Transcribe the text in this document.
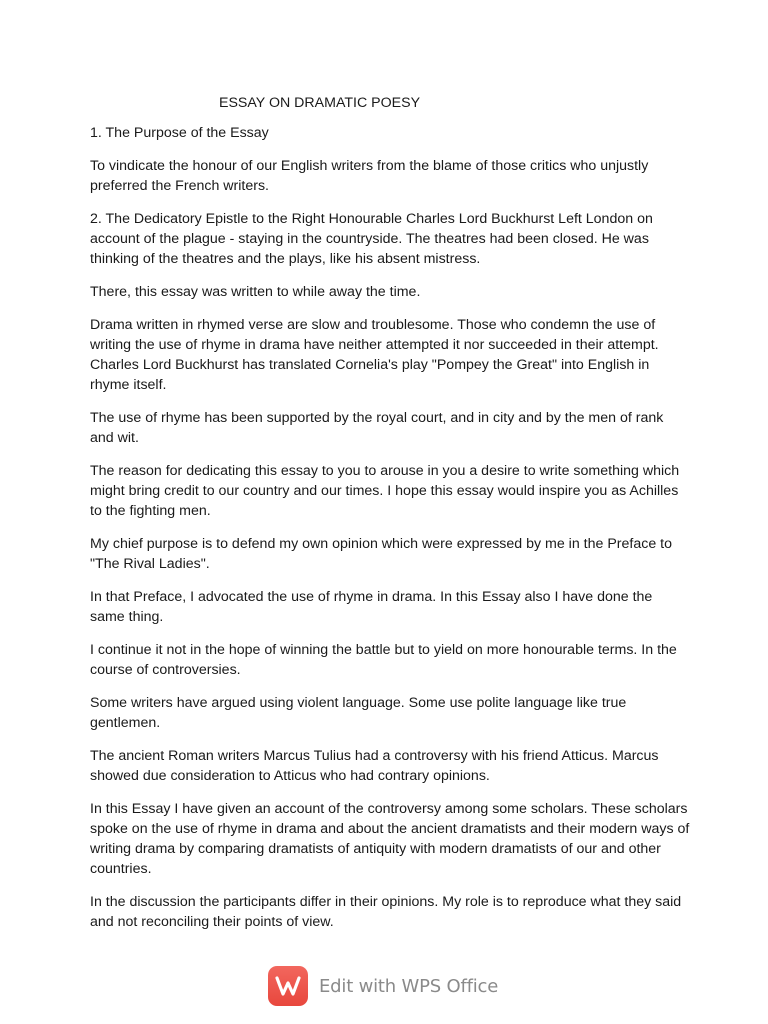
ESSAY ON DRAMATIC POESY

1. The Purpose of the Essay

To vindicate the honour of our English writers from the blame of those critics who unjustly preferred the French writers.

2. The Dedicatory Epistle to the Right Honourable Charles Lord Buckhurst Left London on account of the plague - staying in the countryside. The theatres had been closed. He was thinking of the theatres and the plays, like his absent mistress.

There, this essay was written to while away the time.

Drama written in rhymed verse are slow and troublesome. Those who condemn the use of writing the use of rhyme in drama have neither attempted it nor succeeded in their attempt. Charles Lord Buckhurst has translated Cornelia's play "Pompey the Great" into English in rhyme itself.

The use of rhyme has been supported by the royal court, and in city and by the men of rank and wit.

The reason for dedicating this essay to you to arouse in you a desire to write something which might bring credit to our country and our times. I hope this essay would inspire you as Achilles to the fighting men.

My chief purpose is to defend my own opinion which were expressed by me in the Preface to "The Rival Ladies".

In that Preface, I advocated the use of rhyme in drama. In this Essay also I have done the same thing.

I continue it not in the hope of winning the battle but to yield on more honourable terms. In the course of controversies.

Some writers have argued using violent language. Some use polite language like true gentlemen.

The ancient Roman writers Marcus Tulius had a controversy with his friend Atticus. Marcus showed due consideration to Atticus who had contrary opinions.

In this Essay I have given an account of the controversy among some scholars. These scholars spoke on the use of rhyme in drama and about the ancient dramatists and their modern ways of writing drama by comparing dramatists of antiquity with modern dramatists of our and other countries.

In the discussion the participants differ in their opinions. My role is to reproduce what they said and not reconciling their points of view.

Edit with WPS Office
